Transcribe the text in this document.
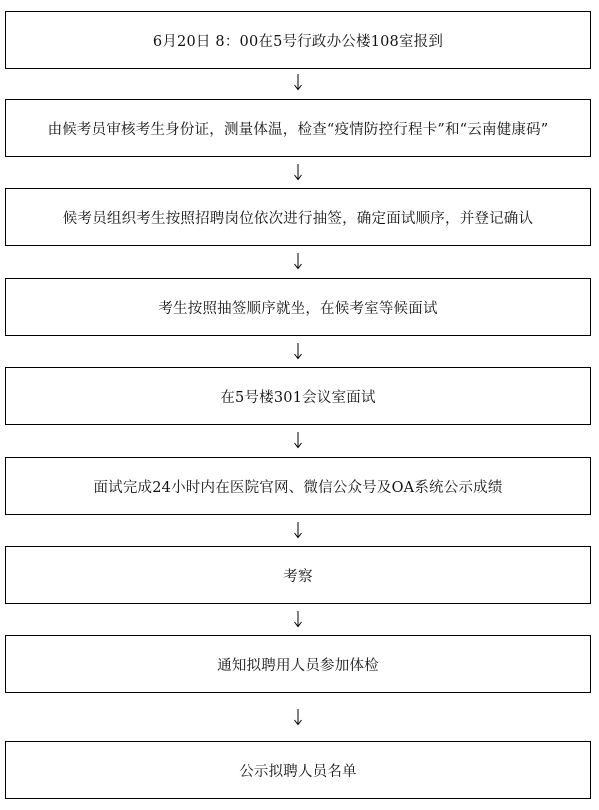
6月20日 8：00在5号行政办公楼108室报到
由候考员审核考生身份证，测量体温，检查“疫情防控行程卡”和“云南健康码”
候考员组织考生按照招聘岗位依次进行抽签，确定面试顺序，并登记确认
考生按照抽签顺序就坐，在候考室等候面试
在5号楼301会议室面试
面试完成24小时内在医院官网、微信公众号及OA系统公示成绩
考察
通知拟聘用人员参加体检
公示拟聘人员名单
